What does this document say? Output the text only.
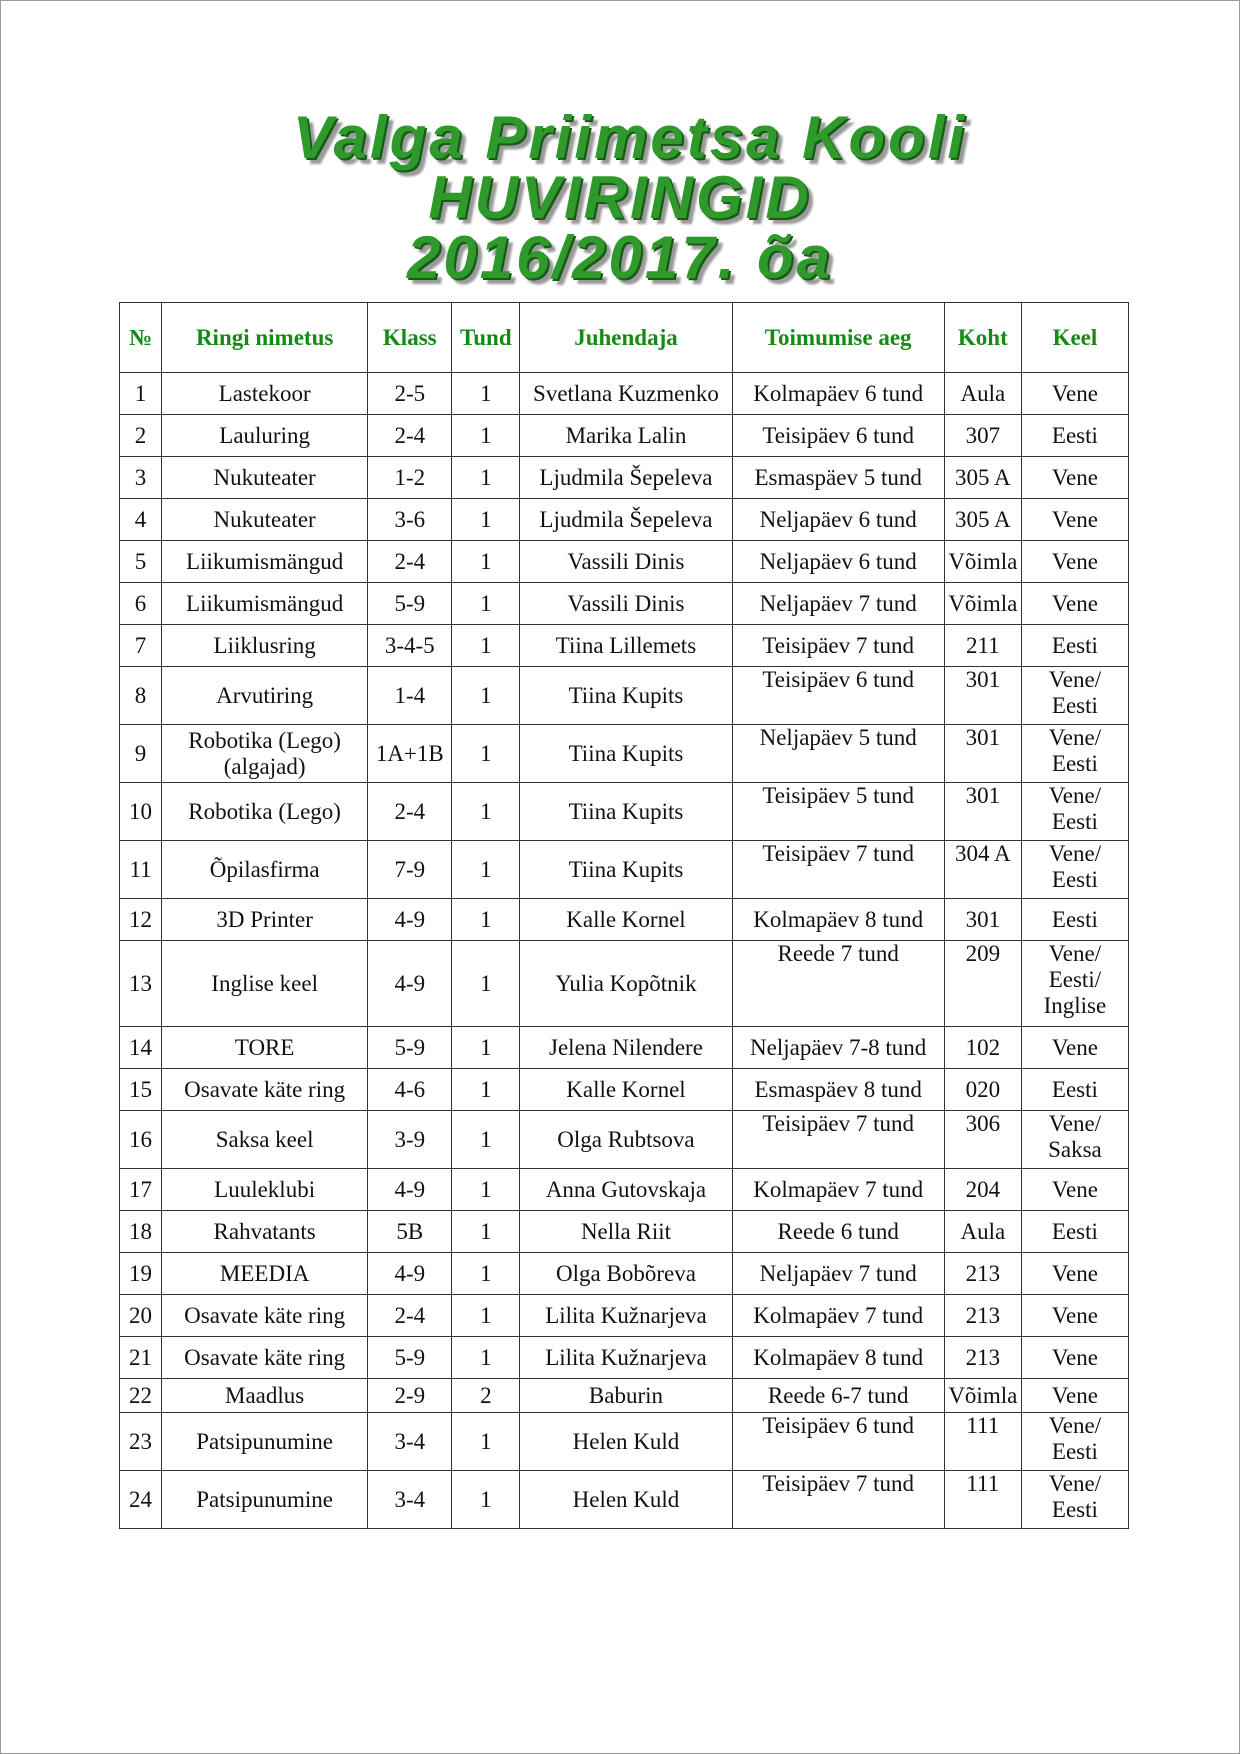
Valga Priimetsa Kooli
HUVIRINGID
2016/2017. õa
№	Ringi nimetus	Klass	Tund	Juhendaja	Toimumise aeg	Koht	Keel
1	Lastekoor	2-5	1	Svetlana Kuzmenko	Kolmapäev 6 tund	Aula	Vene
2	Lauluring	2-4	1	Marika Lalin	Teisipäev 6 tund	307	Eesti
3	Nukuteater	1-2	1	Ljudmila Šepeleva	Esmaspäev 5 tund	305 A	Vene
4	Nukuteater	3-6	1	Ljudmila Šepeleva	Neljapäev 6 tund	305 A	Vene
5	Liikumismängud	2-4	1	Vassili Dinis	Neljapäev 6 tund	Võimla	Vene
6	Liikumismängud	5-9	1	Vassili Dinis	Neljapäev 7 tund	Võimla	Vene
7	Liiklusring	3-4-5	1	Tiina Lillemets	Teisipäev 7 tund	211	Eesti
8	Arvutiring	1-4	1	Tiina Kupits	Teisipäev 6 tund	301	Vene/ Eesti
9	Robotika (Lego) (algajad)	1A+1B	1	Tiina Kupits	Neljapäev 5 tund	301	Vene/ Eesti
10	Robotika (Lego)	2-4	1	Tiina Kupits	Teisipäev 5 tund	301	Vene/ Eesti
11	Õpilasfirma	7-9	1	Tiina Kupits	Teisipäev 7 tund	304 A	Vene/ Eesti
12	3D Printer	4-9	1	Kalle Kornel	Kolmapäev 8 tund	301	Eesti
13	Inglise keel	4-9	1	Yulia Kopõtnik	Reede 7 tund	209	Vene/ Eesti/ Inglise
14	TORE	5-9	1	Jelena Nilendere	Neljapäev 7-8 tund	102	Vene
15	Osavate käte ring	4-6	1	Kalle Kornel	Esmaspäev 8 tund	020	Eesti
16	Saksa keel	3-9	1	Olga Rubtsova	Teisipäev 7 tund	306	Vene/ Saksa
17	Luuleklubi	4-9	1	Anna Gutovskaja	Kolmapäev 7 tund	204	Vene
18	Rahvatants	5B	1	Nella Riit	Reede 6 tund	Aula	Eesti
19	MEEDIA	4-9	1	Olga Bobõreva	Neljapäev 7 tund	213	Vene
20	Osavate käte ring	2-4	1	Lilita Kužnarjeva	Kolmapäev 7 tund	213	Vene
21	Osavate käte ring	5-9	1	Lilita Kužnarjeva	Kolmapäev 8 tund	213	Vene
22	Maadlus	2-9	2	Baburin	Reede 6-7 tund	Võimla	Vene
23	Patsipunumine	3-4	1	Helen Kuld	Teisipäev 6 tund	111	Vene/ Eesti
24	Patsipunumine	3-4	1	Helen Kuld	Teisipäev 7 tund	111	Vene/ Eesti
